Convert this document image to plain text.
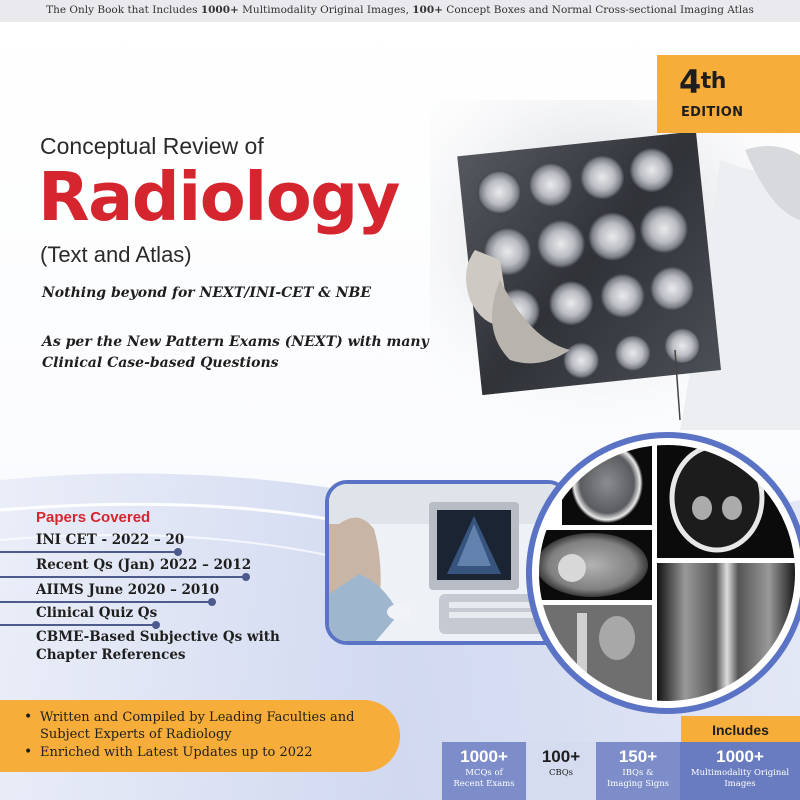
The Only Book that Includes 1000+ Multimodality Original Images, 100+ Concept Boxes and Normal Cross-sectional Imaging Atlas
4th
EDITION
Conceptual Review of
Radiology
(Text and Atlas)
Nothing beyond for NEXT/INI-CET & NBE
As per the New Pattern Exams (NEXT) with many
Clinical Case-based Questions
Papers Covered
INI CET - 2022 – 20
Recent Qs (Jan) 2022 – 2012
AIIMS June 2020 – 2010
Clinical Quiz Qs
CBME-Based Subjective Qs with
Chapter References
• Written and Compiled by Leading Faculties and
Subject Experts of Radiology
• Enriched with Latest Updates up to 2022
Includes
1000+
MCQs of
Recent Exams
100+
CBQs
150+
IBQs &
Imaging Signs
1000+
Multimodality Original
Images
